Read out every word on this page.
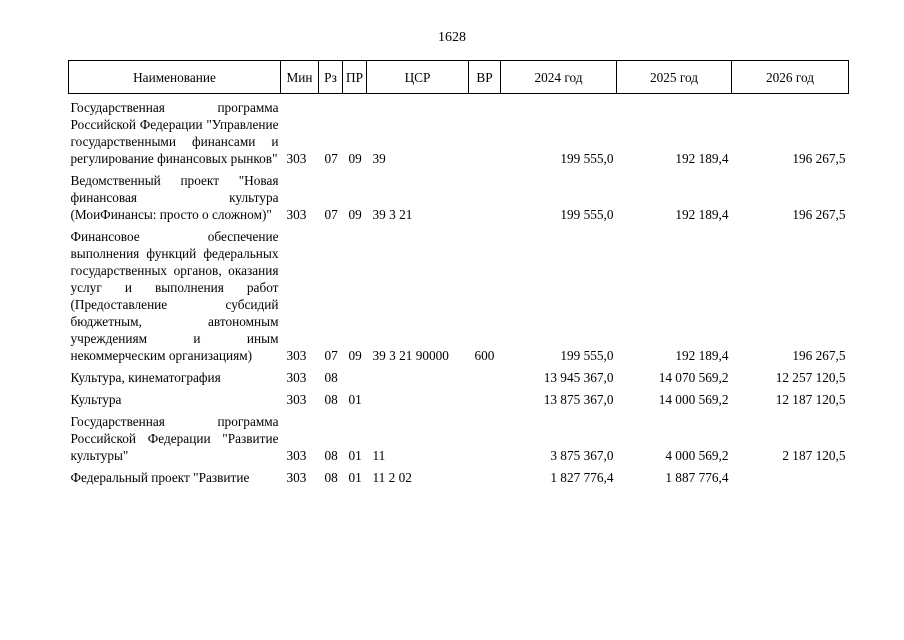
1628
Наименование	Мин	Рз	ПР	ЦСР	ВР	2024 год	2025 год	2026 год
Государственная программа Российской Федерации "Управление государственными финансами и регулирование финансовых рынков"	303	07	09	39		199 555,0	192 189,4	196 267,5
Ведомственный проект "Новая финансовая культура (МоиФинансы: просто о сложном)"	303	07	09	39 3 21		199 555,0	192 189,4	196 267,5
Финансовое обеспечение выполнения функций федеральных государственных органов, оказания услуг и выполнения работ (Предоставление субсидий бюджетным, автономным учреждениям и иным некоммерческим организациям)	303	07	09	39 3 21 90000	600	199 555,0	192 189,4	196 267,5
Культура, кинематография	303	08				13 945 367,0	14 070 569,2	12 257 120,5
Культура	303	08	01			13 875 367,0	14 000 569,2	12 187 120,5
Государственная программа Российской Федерации "Развитие культуры"	303	08	01	11		3 875 367,0	4 000 569,2	2 187 120,5
Федеральный проект "Развитие	303	08	01	11 2 02		1 827 776,4	1 887 776,4	
